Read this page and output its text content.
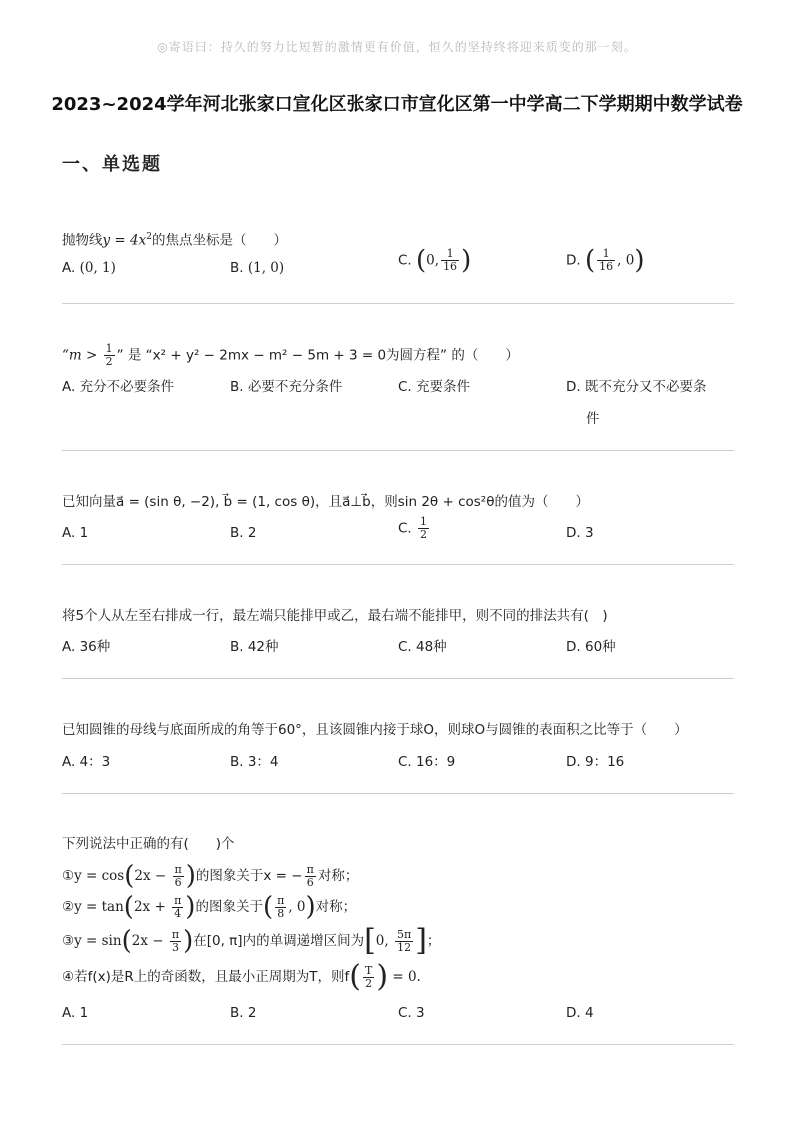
◎寄语曰：持久的努力比短暂的激情更有价值，恒久的坚持终将迎来质变的那一刻。
2023~2024学年河北张家口宣化区张家口市宣化区第一中学高二下学期期中数学试卷
一、单选题
抛物线$y = 4x^2$的焦点坐标是（　　）
A. (0, 1)	B. (1, 0)	C. (0, $\frac{1}{16}$ )	D. ( $\frac{1}{16}$ , 0)
“$m > \frac{1}{2}$ ” 是 “x² + y² − 2mx − m² − 5m + 3 = 0为圆方程” 的（　　）
A. 充分不必要条件	B. 必要不充分条件	C. 充要条件	D. 既不充分又不必要条
件
已知向量a⃗ = (sin θ, −2), b⃗ = (1, cos θ)，且a⃗⊥b⃗，则sin 2θ + cos²θ的值为（　　）
A. 1	B. 2	C. $\frac{1}{2}$	D. 3
将5个人从左至右排成一行，最左端只能排甲或乙，最右端不能排甲，则不同的排法共有(　)
A. 36种	B. 42种	C. 48种	D. 60种
已知圆锥的母线与底面所成的角等于60°，且该圆锥内接于球O，则球O与圆锥的表面积之比等于（　　）
A. 4：3	B. 3：4	C. 16：9	D. 9：16
下列说法中正确的有(　　)个
①y = $\cos(2x - \frac{\pi}{6}$ )的图象关于x = − $\frac{\pi}{6}$ 对称；
②y = $\tan(2x + \frac{\pi}{4}$ )的图象关于( $\frac{\pi}{8}$ , 0)对称；
③y = $\sin(2x - \frac{\pi}{3}$ )在[0, π]内的单调递增区间为[0, $\frac{5\pi}{12}$ ]；
④若f(x)是R上的奇函数，且最小正周期为T，则$f( \frac{T}{2}$ ) = 0.
A. 1	B. 2	C. 3	D. 4
